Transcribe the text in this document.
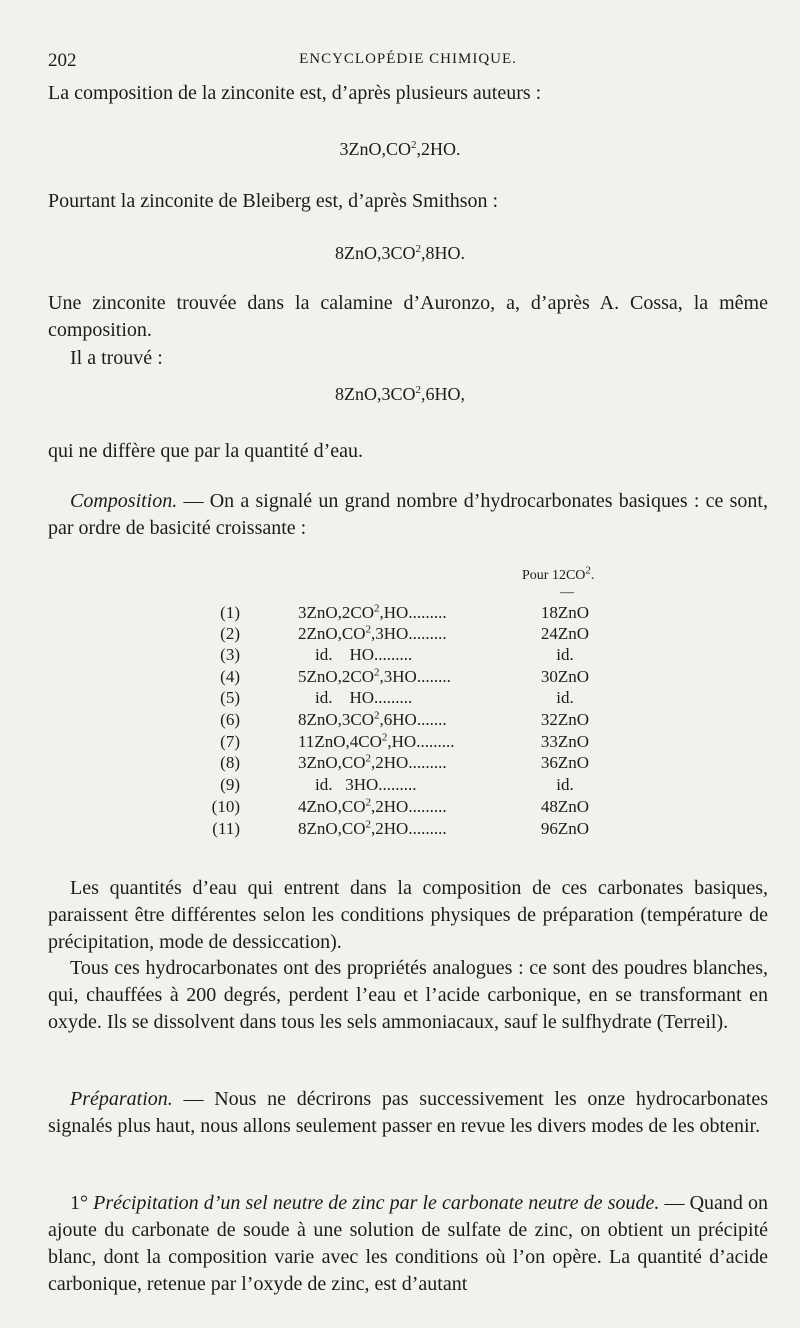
202	ENCYCLOPÉDIE CHIMIQUE.
La composition de la zinconite est, d’après plusieurs auteurs :
$3ZnO,CO^2,2HO$.
Pourtant la zinconite de Bleiberg est, d’après Smithson :
$8ZnO,3CO^2,8HO$.
Une zinconite trouvée dans la calamine d’Auronzo, a, d’après A. Cossa, la même composition.
Il a trouvé :
$8ZnO,3CO^2,6HO$,
qui ne diffère que par la quantité d’eau.
Composition. — On a signalé un grand nombre d’hydrocarbonates basiques : ce sont, par ordre de basicité croissante :
Pour $12CO^2$.
—
(1)	$3ZnO,2CO^2,HO$.........	18ZnO
(2)	$2ZnO,CO^2,3HO$.........	24ZnO
(3)	id.    HO.........	id.
(4)	$5ZnO,2CO^2,3HO$........	30ZnO
(5)	id.    HO.........	id.
(6)	$8ZnO,3CO^2,6HO$.......	32ZnO
(7)	$11ZnO,4CO^2,HO$.........	33ZnO
(8)	$3ZnO,CO^2,2HO$.........	36ZnO
(9)	id.   3HO.........	id.
(10)	$4ZnO,CO^2,2HO$.........	48ZnO
(11)	$8ZnO,CO^2,2HO$.........	96ZnO
Les quantités d’eau qui entrent dans la composition de ces carbonates basiques, paraissent être différentes selon les conditions physiques de préparation (température de précipitation, mode de dessiccation).
Tous ces hydrocarbonates ont des propriétés analogues : ce sont des poudres blanches, qui, chauffées à 200 degrés, perdent l’eau et l’acide carbonique, en se transformant en oxyde. Ils se dissolvent dans tous les sels ammoniacaux, sauf le sulfhydrate (Terreil).
Préparation. — Nous ne décrirons pas successivement les onze hydrocarbonates signalés plus haut, nous allons seulement passer en revue les divers modes de les obtenir.
1° Précipitation d’un sel neutre de zinc par le carbonate neutre de soude. — Quand on ajoute du carbonate de soude à une solution de sulfate de zinc, on obtient un précipité blanc, dont la composition varie avec les conditions où l’on opère. La quantité d’acide carbonique, retenue par l’oxyde de zinc, est d’autant
